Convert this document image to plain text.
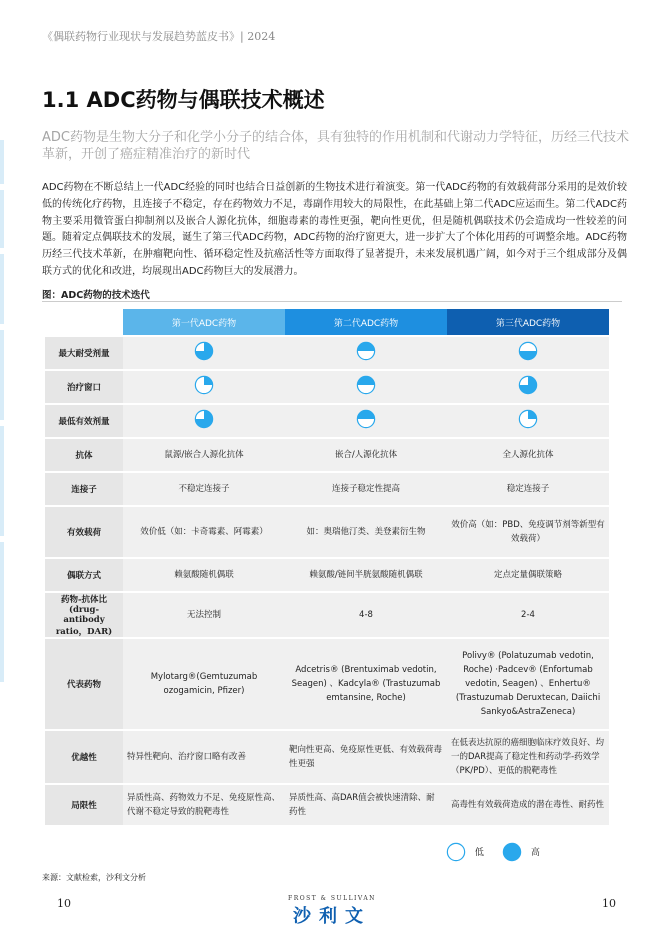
《偶联药物行业现状与发展趋势蓝皮书》| 2024
1.1 ADC药物与偶联技术概述
ADC药物是生物大分子和化学小分子的结合体，具有独特的作用机制和代谢动力学特征，历经三代技术革新，开创了癌症精准治疗的新时代
ADC药物在不断总结上一代ADC经验的同时也结合日益创新的生物技术进行着演变。第一代ADC药物的有效载荷部分采用的是效价较低的传统化疗药物，且连接子不稳定，存在药物效力不足，毒副作用较大的局限性，在此基础上第二代ADC应运而生。第二代ADC药物主要采用微管蛋白抑制剂以及嵌合人源化抗体，细胞毒素的毒性更强，靶向性更优，但是随机偶联技术仍会造成均一性较差的问题。随着定点偶联技术的发展，诞生了第三代ADC药物，ADC药物的治疗窗更大，进一步扩大了个体化用药的可调整余地。ADC药物历经三代技术革新，在肿瘤靶向性、循环稳定性及抗癌活性等方面取得了显著提升，未来发展机遇广阔，如今对于三个组成部分及偶联方式的优化和改进，均展现出ADC药物巨大的发展潜力。
图：ADC药物的技术迭代
	第一代ADC药物	第二代ADC药物	第三代ADC药物
最大耐受剂量			
治疗窗口			
最低有效剂量			
抗体	鼠源/嵌合人源化抗体	嵌合/人源化抗体	全人源化抗体
连接子	不稳定连接子	连接子稳定性提高	稳定连接子
有效载荷	效价低（如：卡奇霉素、阿霉素）	如：奥瑞他汀类、美登素衍生物	效价高（如：PBD、免疫调节剂等新型有效载荷）
偶联方式	赖氨酸随机偶联	赖氨酸/链间半胱氨酸随机偶联	定点定量偶联策略
药物-抗体比 (drug-antibody ratio，DAR)	无法控制	4-8	2-4
代表药物	Mylotarg®(Gemtuzumab ozogamicin, Pfizer)	Adcetris® (Brentuximab vedotin, Seagen) 、Kadcyla® (Trastuzumab emtansine, Roche)	Polivy® (Polatuzumab vedotin, Roche) ·Padcev® (Enfortumab vedotin, Seagen) 、Enhertu® (Trastuzumab Deruxtecan, Daiichi Sankyo&AstraZeneca)
优越性	特异性靶向、治疗窗口略有改善	靶向性更高、免疫原性更低、有效载荷毒性更强	在低表达抗原的癌细胞临床疗效良好、均一的DAR提高了稳定性和药动学-药效学（PK/PD）、更低的脱靶毒性
局限性	异质性高、药物效力不足、免疫原性高、代谢不稳定导致的脱靶毒性	异质性高、高DAR值会被快速清除、耐药性	高毒性有效载荷造成的潜在毒性、耐药性
低	高
来源：文献检索，沙利文分析
10	10
FROST & SULLIVAN
沙利文
